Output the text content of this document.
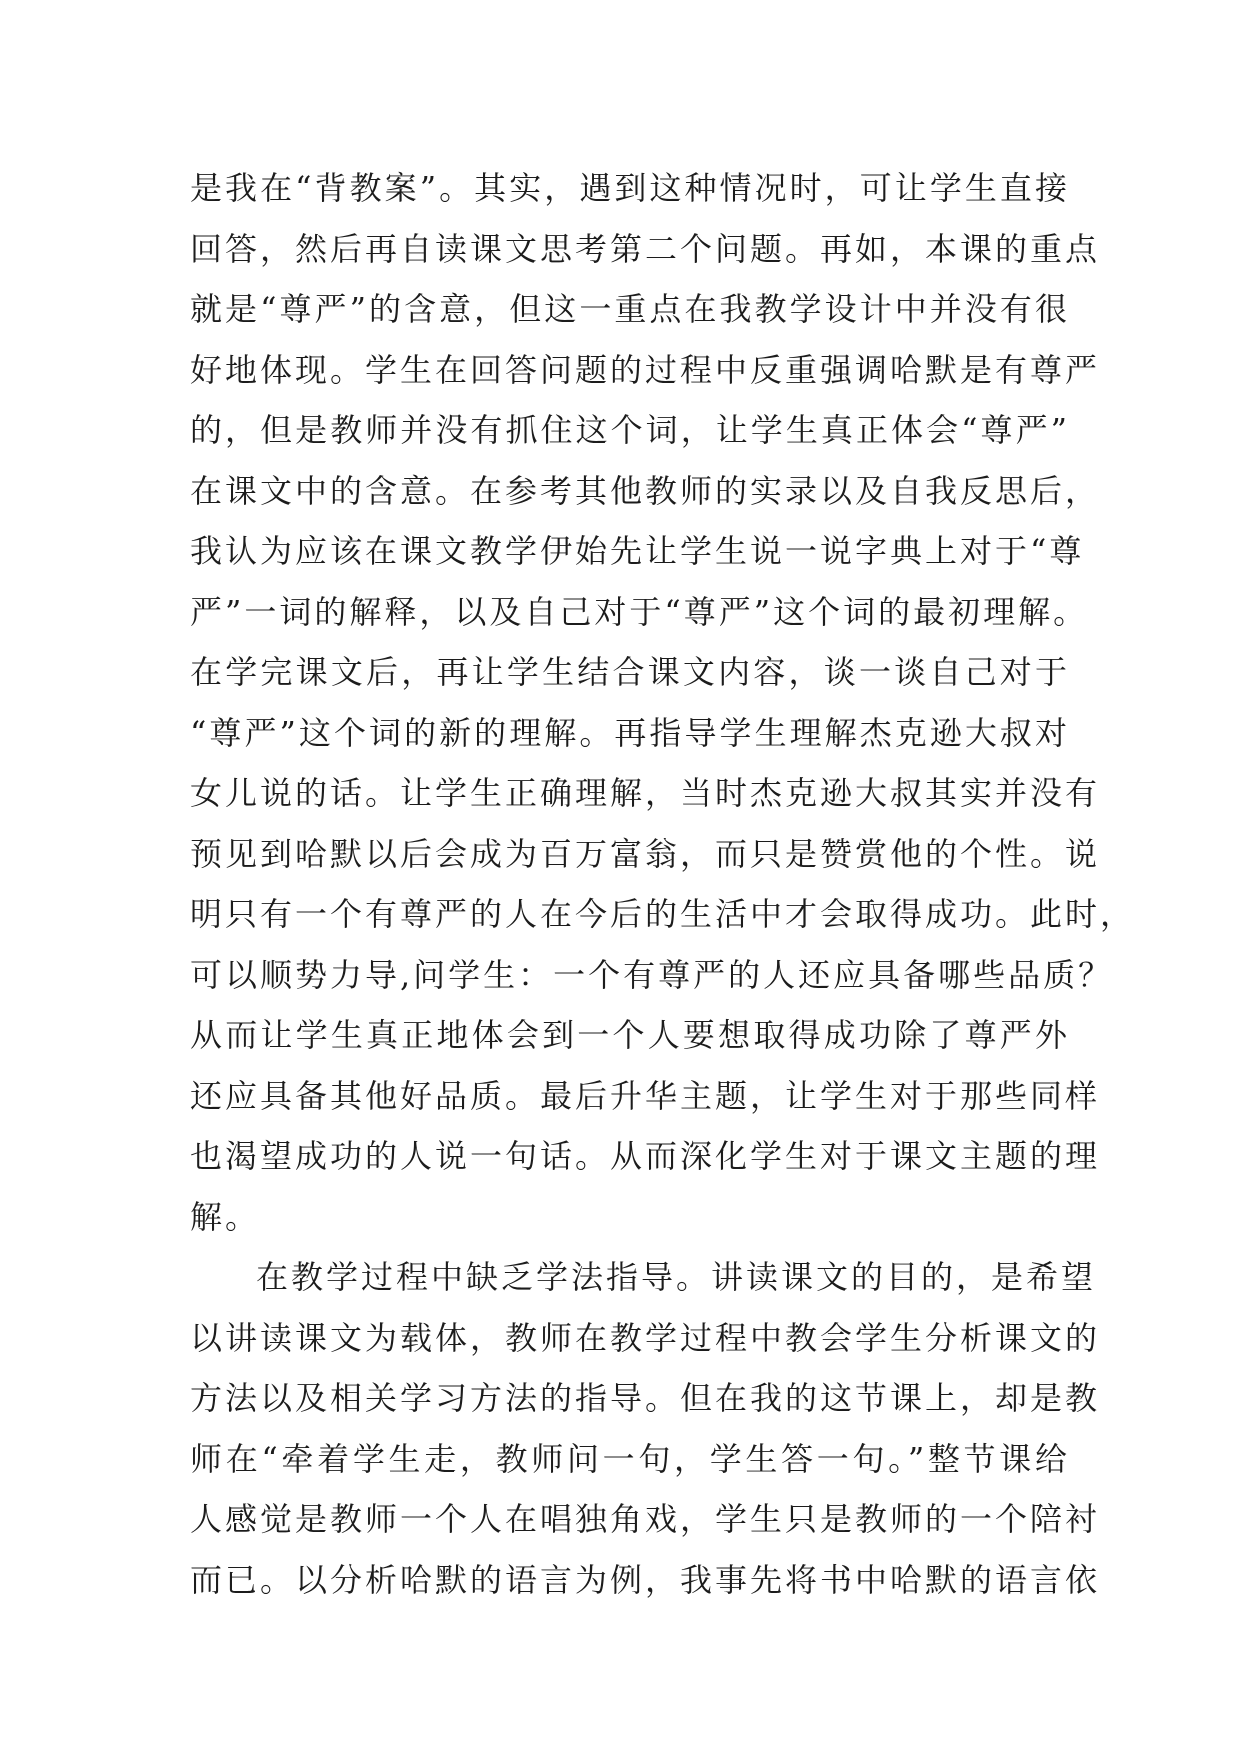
是我在“背教案”。其实，遇到这种情况时，可让学生直接
回答，然后再自读课文思考第二个问题。再如，本课的重点
就是“尊严”的含意，但这一重点在我教学设计中并没有很
好地体现。学生在回答问题的过程中反重强调哈默是有尊严
的，但是教师并没有抓住这个词，让学生真正体会“尊严”
在课文中的含意。在参考其他教师的实录以及自我反思后，
我认为应该在课文教学伊始先让学生说一说字典上对于“尊
严”一词的解释，以及自己对于“尊严”这个词的最初理解。
在学完课文后，再让学生结合课文内容，谈一谈自己对于
“尊严”这个词的新的理解。再指导学生理解杰克逊大叔对
女儿说的话。让学生正确理解，当时杰克逊大叔其实并没有
预见到哈默以后会成为百万富翁，而只是赞赏他的个性。说
明只有一个有尊严的人在今后的生活中才会取得成功。此时，
可以顺势力导,问学生：一个有尊严的人还应具备哪些品质？
从而让学生真正地体会到一个人要想取得成功除了尊严外
还应具备其他好品质。最后升华主题，让学生对于那些同样
也渴望成功的人说一句话。从而深化学生对于课文主题的理
解。
在教学过程中缺乏学法指导。讲读课文的目的，是希望
以讲读课文为载体，教师在教学过程中教会学生分析课文的
方法以及相关学习方法的指导。但在我的这节课上，却是教
师在“牵着学生走，教师问一句，学生答一句。”整节课给
人感觉是教师一个人在唱独角戏，学生只是教师的一个陪衬
而已。以分析哈默的语言为例，我事先将书中哈默的语言依
